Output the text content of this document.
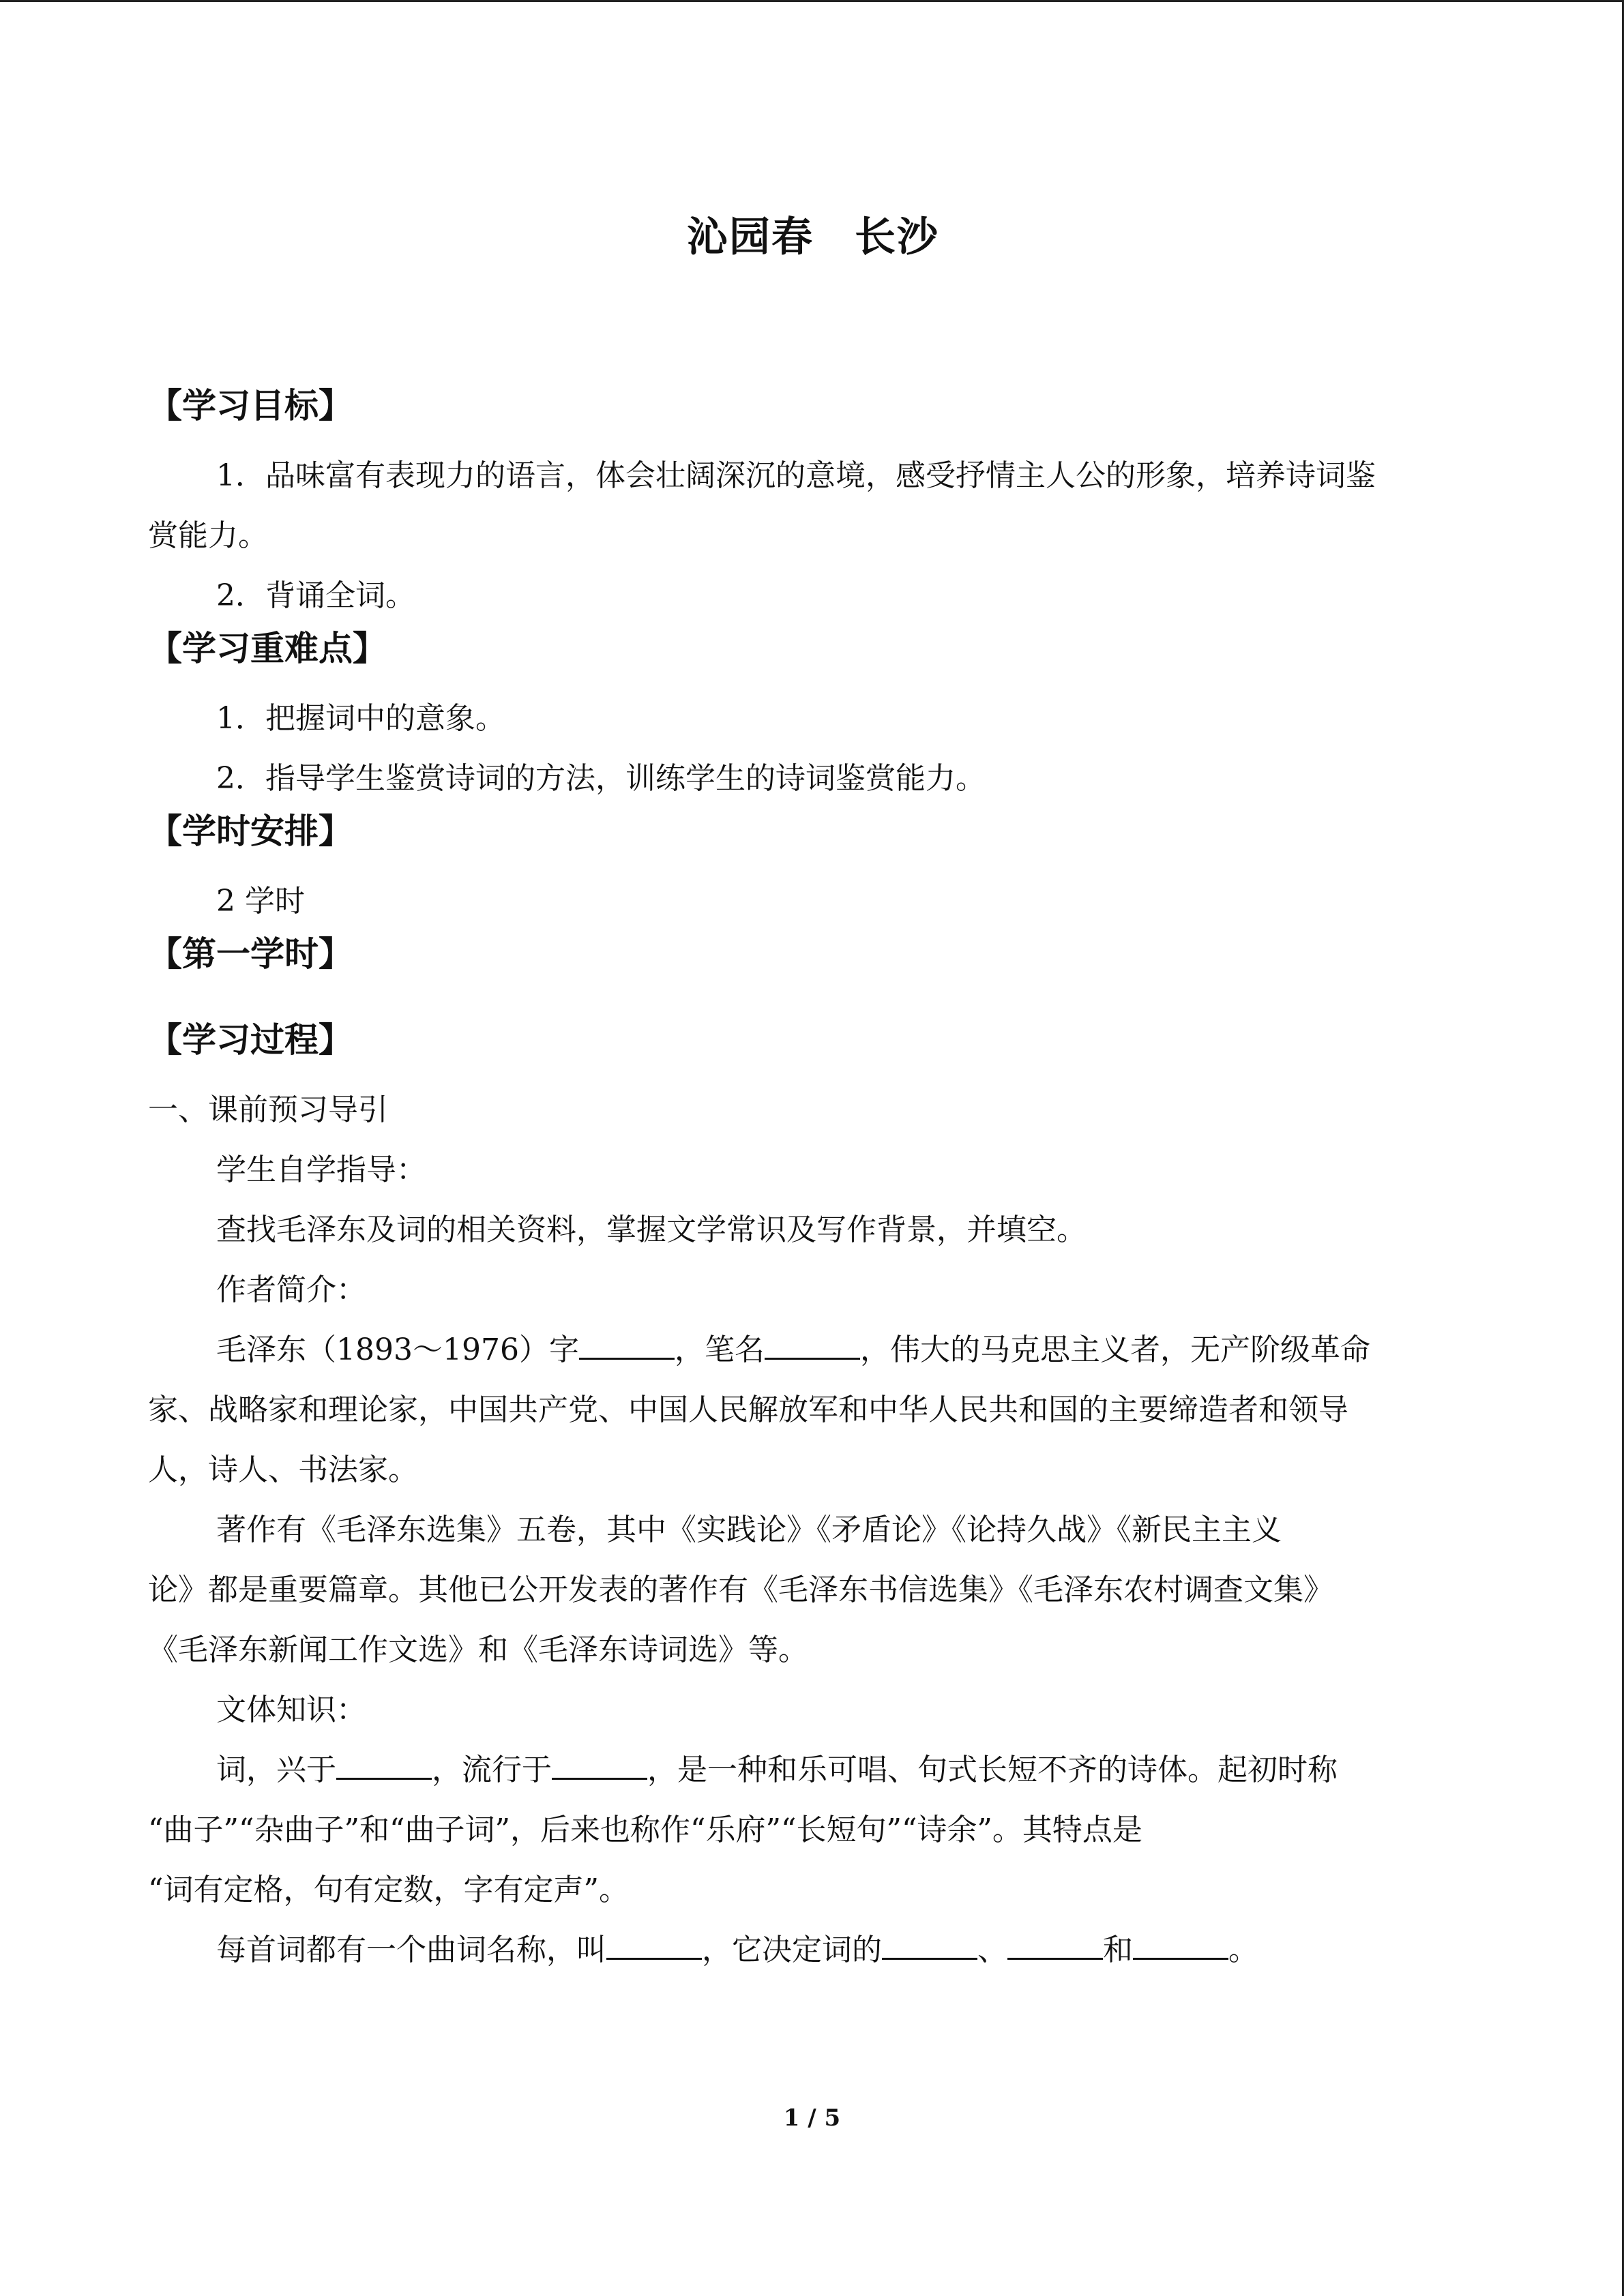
沁园春 长沙
【学习目标】

1．品味富有表现力的语言，体会壮阔深沉的意境，感受抒情主人公的形象，培养诗词鉴

赏能力。

2．背诵全词。

【学习重难点】

1．把握词中的意象。

2．指导学生鉴赏诗词的方法，训练学生的诗词鉴赏能力。

【学时安排】

2 学时

【第一学时】
【学习过程】

一、课前预习导引

学生自学指导：

查找毛泽东及词的相关资料，掌握文学常识及写作背景，并填空。

作者简介：

毛泽东（1893～1976）字	，笔名	，伟大的马克思主义者，无产阶级革命

家、战略家和理论家，中国共产党、中国人民解放军和中华人民共和国的主要缔造者和领导

人，诗人、书法家。

著作有《毛泽东选集》五卷，其中《实践论》《矛盾论》《论持久战》《新民主主义

论》都是重要篇章。其他已公开发表的著作有《毛泽东书信选集》《毛泽东农村调查文集》

《毛泽东新闻工作文选》和《毛泽东诗词选》等。

文体知识：

词，兴于	，流行于	，是一种和乐可唱、句式长短不齐的诗体。起初时称

“曲子”“杂曲子”和“曲子词”，后来也称作“乐府”“长短句”“诗余”。其特点是

“词有定格，句有定数，字有定声”。

每首词都有一个曲词名称，叫	，它决定词的	、	和	。

1 / 5
